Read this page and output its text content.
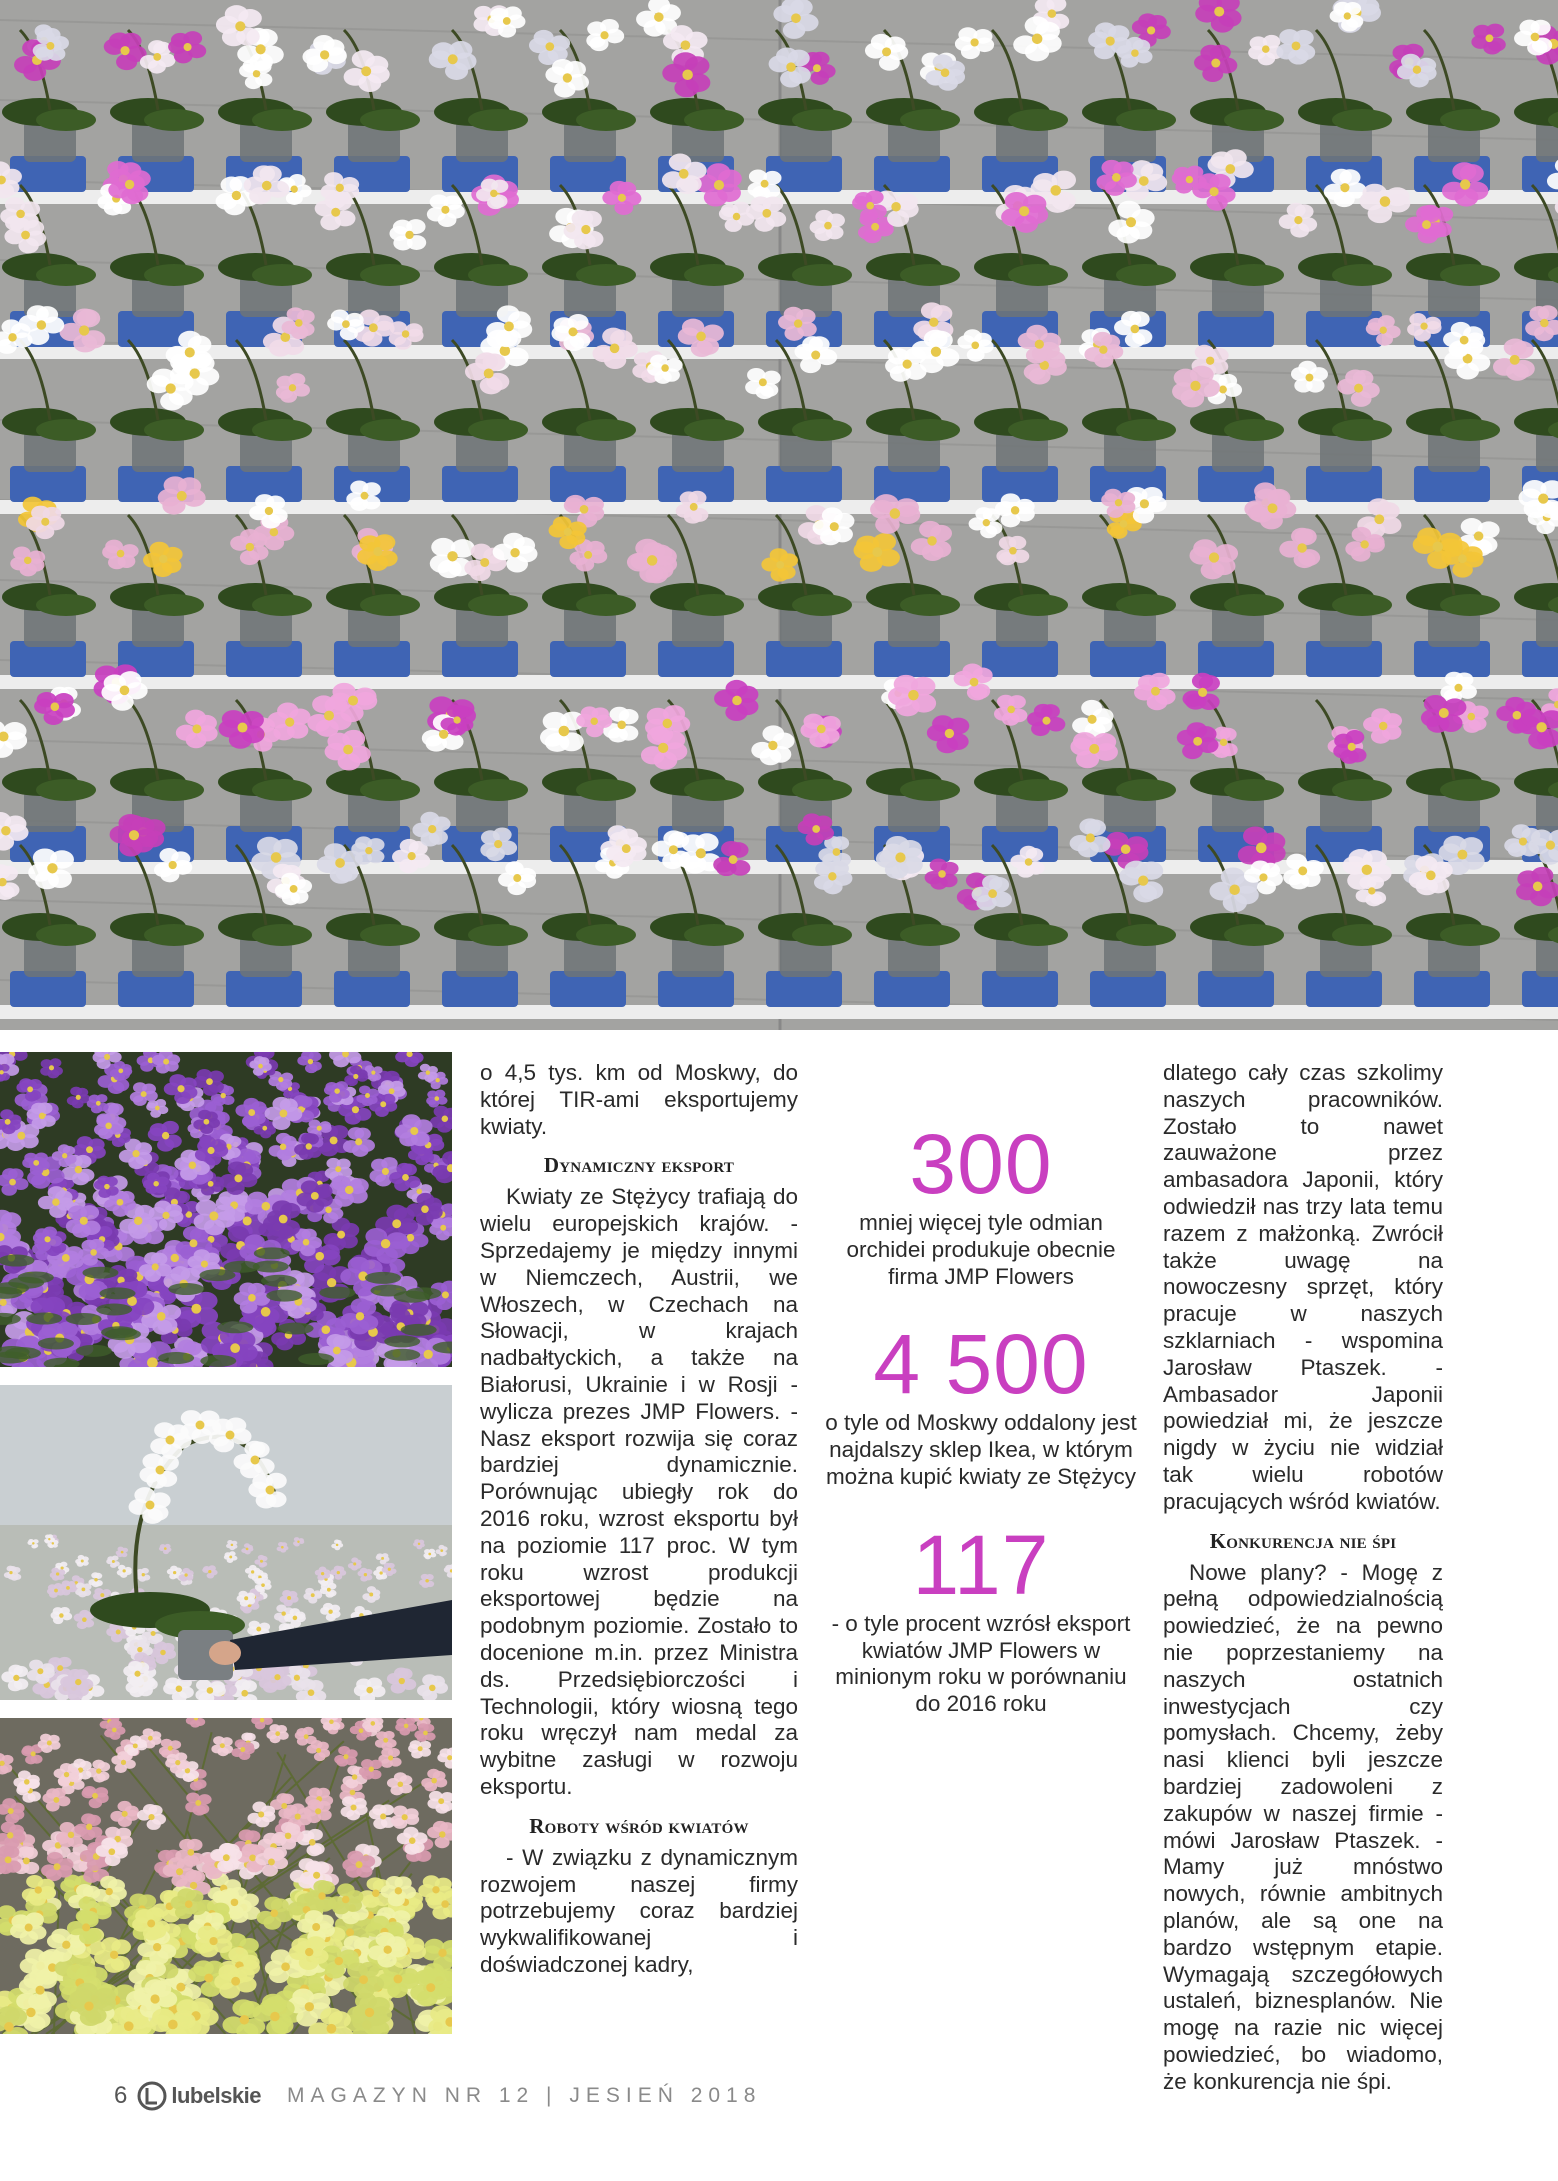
o 4,5 tys. km od Moskwy, do której TIR-ami eksportujemy kwiaty.

Dynamiczny eksport

Kwiaty ze Stężycy trafiają do wielu europejskich krajów. - Sprzedajemy je między innymi w Niemczech, Austrii, we Włoszech, w Czechach na Słowacji, w krajach nadbałtyckich, a także na Białorusi, Ukrainie i w Rosji - wylicza prezes JMP Flowers. - Nasz eksport rozwija się coraz bardziej dynamicznie. Porównując ubiegły rok do 2016 roku, wzrost eksportu był na poziomie 117 proc. W tym roku wzrost produkcji eksportowej będzie na podobnym poziomie. Zostało to docenione m.in. przez Ministra ds. Przedsiębiorczości i Technologii, który wiosną tego roku wręczył nam medal za wybitne zasługi w rozwoju eksportu.

Roboty wśród kwiatów

- W związku z dynamicznym rozwojem naszej firmy potrzebujemy coraz bardziej wykwalifikowanej i doświadczonej kadry,

300
mniej więcej tyle odmian orchidei produkuje obecnie firma JMP Flowers
4 500
o tyle od Moskwy oddalony jest najdalszy sklep Ikea, w którym można kupić kwiaty ze Stężycy
117
- o tyle procent wzrósł eksport kwiatów JMP Flowers w minionym roku w porównaniu do 2016 roku

dlatego cały czas szkolimy naszych pracowników. Zostało to nawet zauważone przez ambasadora Japonii, który odwiedził nas trzy lata temu razem z małżonką. Zwrócił także uwagę na nowoczesny sprzęt, który pracuje w naszych szklarniach - wspomina Jarosław Ptaszek. - Ambasador Japonii powiedział mi, że jeszcze nigdy w życiu nie widział tak wielu robotów pracujących wśród kwiatów.

Konkurencja nie śpi

Nowe plany? - Mogę z pełną odpowiedzialnością powiedzieć, że na pewno nie poprzestaniemy na naszych ostatnich inwestycjach czy pomysłach. Chcemy, żeby nasi klienci byli jeszcze bardziej zadowoleni z zakupów w naszej firmie - mówi Jarosław Ptaszek. - Mamy już mnóstwo nowych, równie ambitnych planów, ale są one na bardzo wstępnym etapie. Wymagają szczegółowych ustaleń, biznesplanów. Nie mogę na razie nic więcej powiedzieć, bo wiadomo, że konkurencja nie śpi.

6 lubelskie MAGAZYN NR 12 | JESIEŃ 2018
